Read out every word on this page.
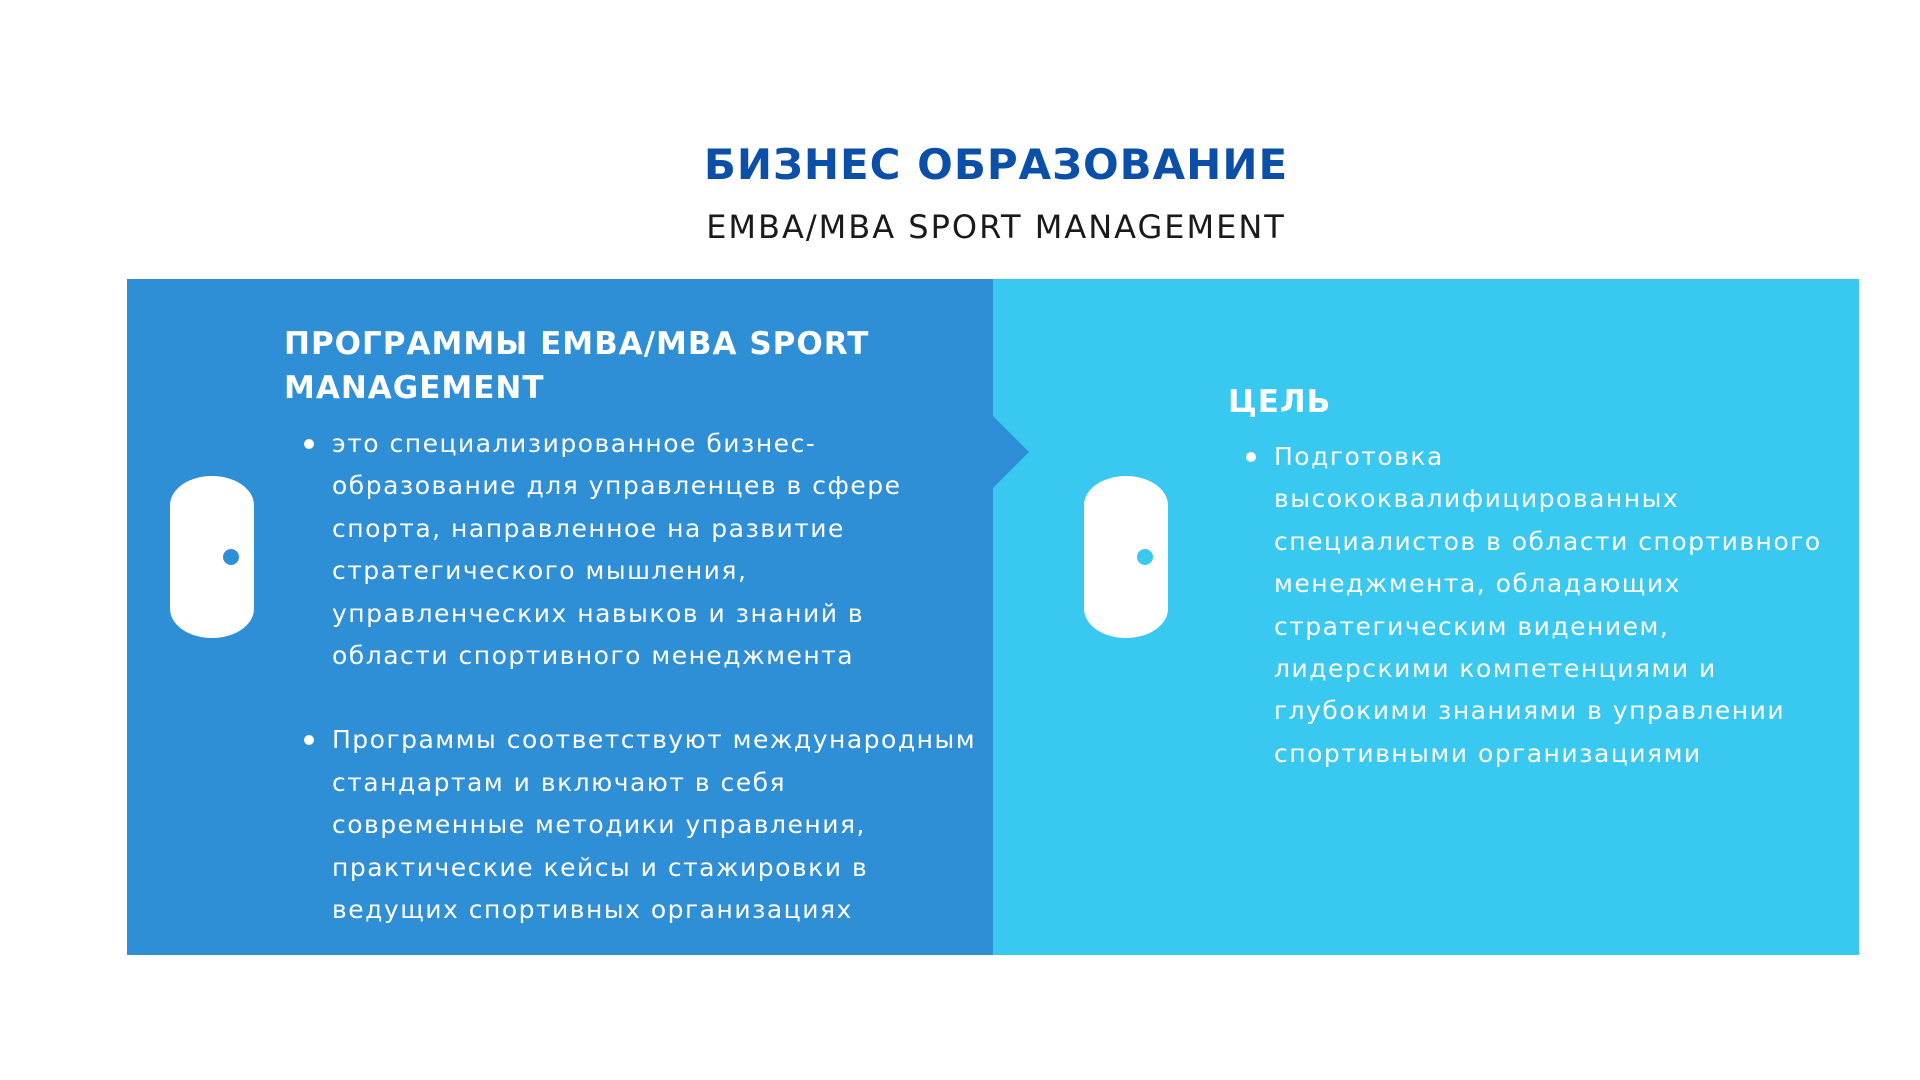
БИЗНЕС ОБРАЗОВАНИЕ
EMBA/MBA SPORT MANAGEMENT
ПРОГРАММЫ EMBA/MBA SPORT MANAGEMENT
это специализированное бизнес-образование для управленцев в сфере спорта, направленное на развитие стратегического мышления, управленческих навыков и знаний в области спортивного менеджмента
Программы соответствуют международным стандартам и включают в себя современные методики управления, практические кейсы и стажировки в ведущих спортивных организациях
ЦЕЛЬ
Подготовка высококвалифицированных специалистов в области спортивного менеджмента, обладающих стратегическим видением, лидерскими компетенциями и глубокими знаниями в управлении спортивными организациями
